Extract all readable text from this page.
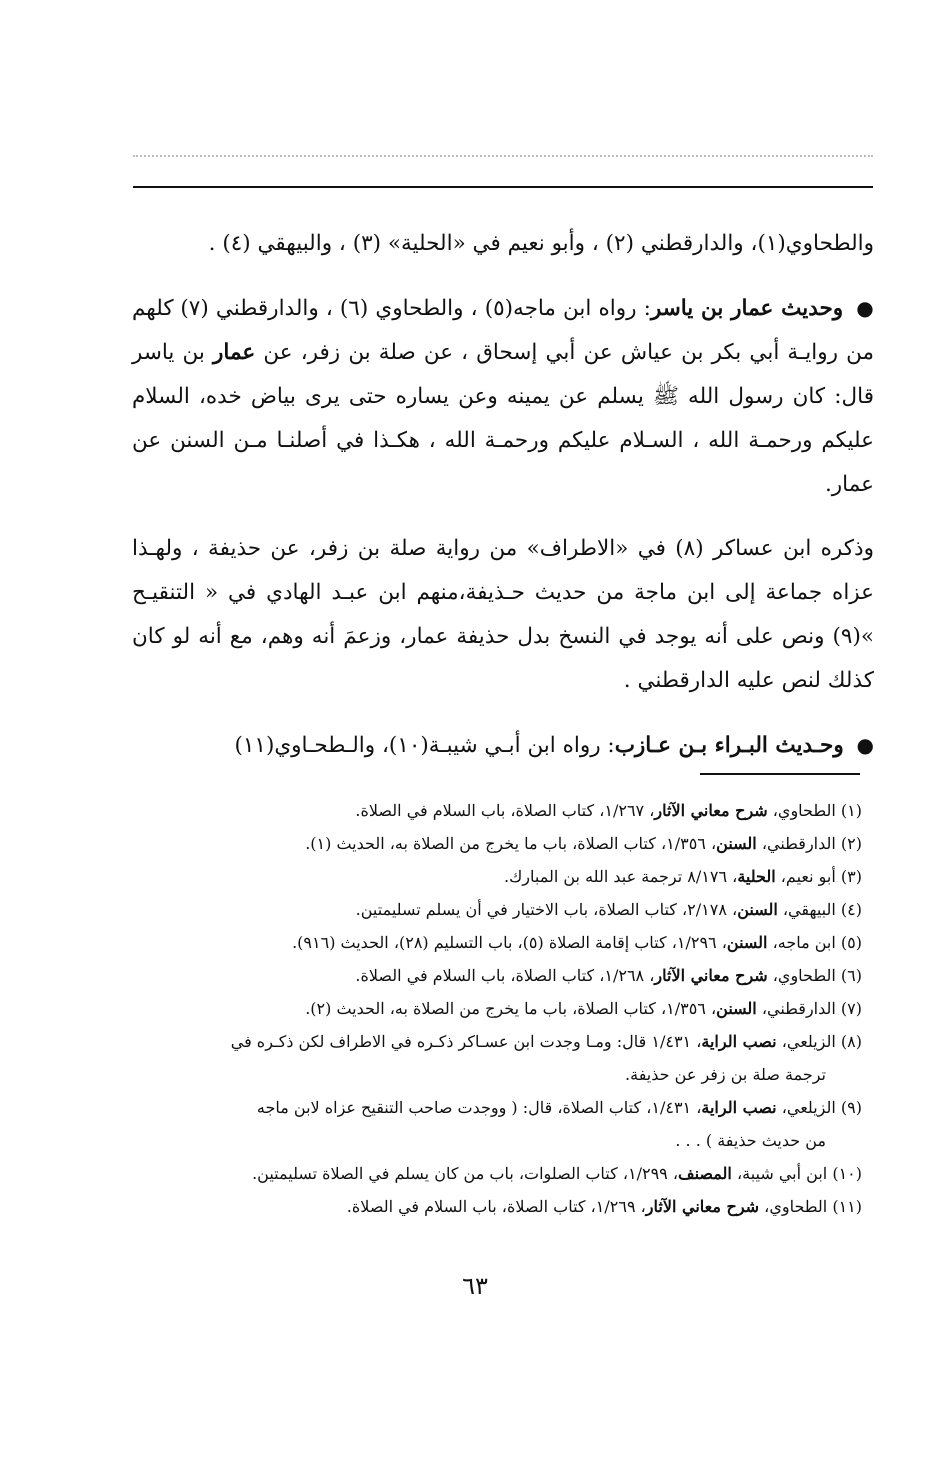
والطحاوي(١)، والدارقطني (٢) ، وأبو نعيم في «الحلية» (٣) ، والبيهقي (٤) .

● وحديث عمار بن ياسر: رواه ابن ماجه(٥) ، والطحاوي (٦) ، والدارقطني (٧) كلهم من روايـة أبي بكر بن عياش عن أبي إسحاق ، عن صلة بن زفر، عن عمار بن ياسر قال: كان رسول الله ﷺ يسلم عن يمينه وعن يساره حتى يرى بياض خده، السلام عليكم ورحمـة الله ، السـلام عليكم ورحمـة الله ، هكـذا في أصلنـا مـن السنن عن عمار.

وذكره ابن عساكر (٨) في «الاطراف» من رواية صلة بن زفر، عن حذيفة ، ولهـذا عزاه جماعة إلى ابن ماجة من حديث حـذيفة،منهم ابن عبـد الهادي في « التنقيـح »(٩) ونص على أنه يوجد في النسخ بدل حذيفة عمار، وزعمَ أنه وهم، مع أنه لو كان كذلك لنص عليه الدارقطني .

● وحـديث البـراء بـن عـازب: رواه ابن أبـي شيبـة(١٠)، والـطحـاوي(١١)

(١) الطحاوي، شرح معاني الآثار، ١/٢٦٧، كتاب الصلاة، باب السلام في الصلاة.

(٢) الدارقطني، السنن، ١/٣٥٦، كتاب الصلاة، باب ما يخرج من الصلاة به، الحديث (١).

(٣) أبو نعيم، الحلية، ٨/١٧٦ ترجمة عبد الله بن المبارك.

(٤) البيهقي، السنن، ٢/١٧٨، كتاب الصلاة، باب الاختيار في أن يسلم تسليمتين.

(٥) ابن ماجه، السنن، ١/٢٩٦، كتاب إقامة الصلاة (٥)، باب التسليم (٢٨)، الحديث (٩١٦).

(٦) الطحاوي، شرح معاني الآثار، ١/٢٦٨، كتاب الصلاة، باب السلام في الصلاة.

(٧) الدارقطني، السنن، ١/٣٥٦، كتاب الصلاة، باب ما يخرج من الصلاة به، الحديث (٢).

(٨) الزيلعي، نصب الراية، ١/٤٣١ قال: ومـا وجدت ابن عسـاكر ذكـره في الاطراف لكن ذكـره في
ترجمة صلة بن زفر عن حذيفة.

(٩) الزيلعي، نصب الراية، ١/٤٣١، كتاب الصلاة، قال: ( ووجدت صاحب التنقيح عزاه لابن ماجه
من حديث حذيفة ) . . .

(١٠) ابن أبي شيبة، المصنف، ١/٢٩٩، كتاب الصلوات، باب من كان يسلم في الصلاة تسليمتين.

(١١) الطحاوي، شرح معاني الآثار، ١/٢٦٩، كتاب الصلاة، باب السلام في الصلاة.

٦٣
